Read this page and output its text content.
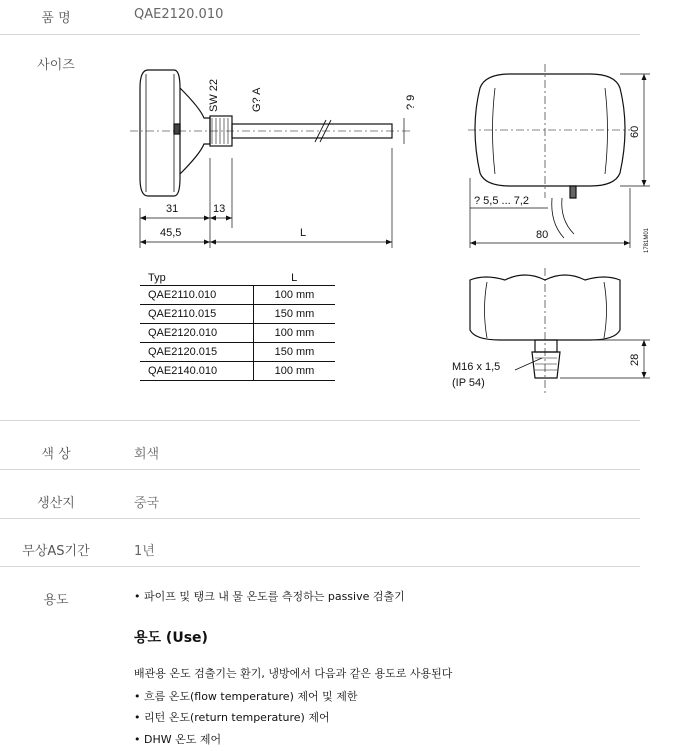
품 명	QAE2120.010
사이즈
SW 22	G? A	? 9
31	13
45,5	L
60
? 5,5 ... 7,2
80	1781M01
M16 x 1,5
(IP 54)
28
Typ	L
QAE2110.010	100 mm
QAE2110.015	150 mm
QAE2120.010	100 mm
QAE2120.015	150 mm
QAE2140.010	100 mm
색 상	회색
생산지	중국
무상AS기간	1년
용도	• 파이프 및 탱크 내 물 온도를 측정하는 passive 검출기
용도 (Use)
배관용 온도 검출기는 환기, 냉방에서 다음과 같은 용도로 사용된다
• 흐름 온도(flow temperature) 제어 및 제한
• 리턴 온도(return temperature) 제어
• DHW 온도 제어
